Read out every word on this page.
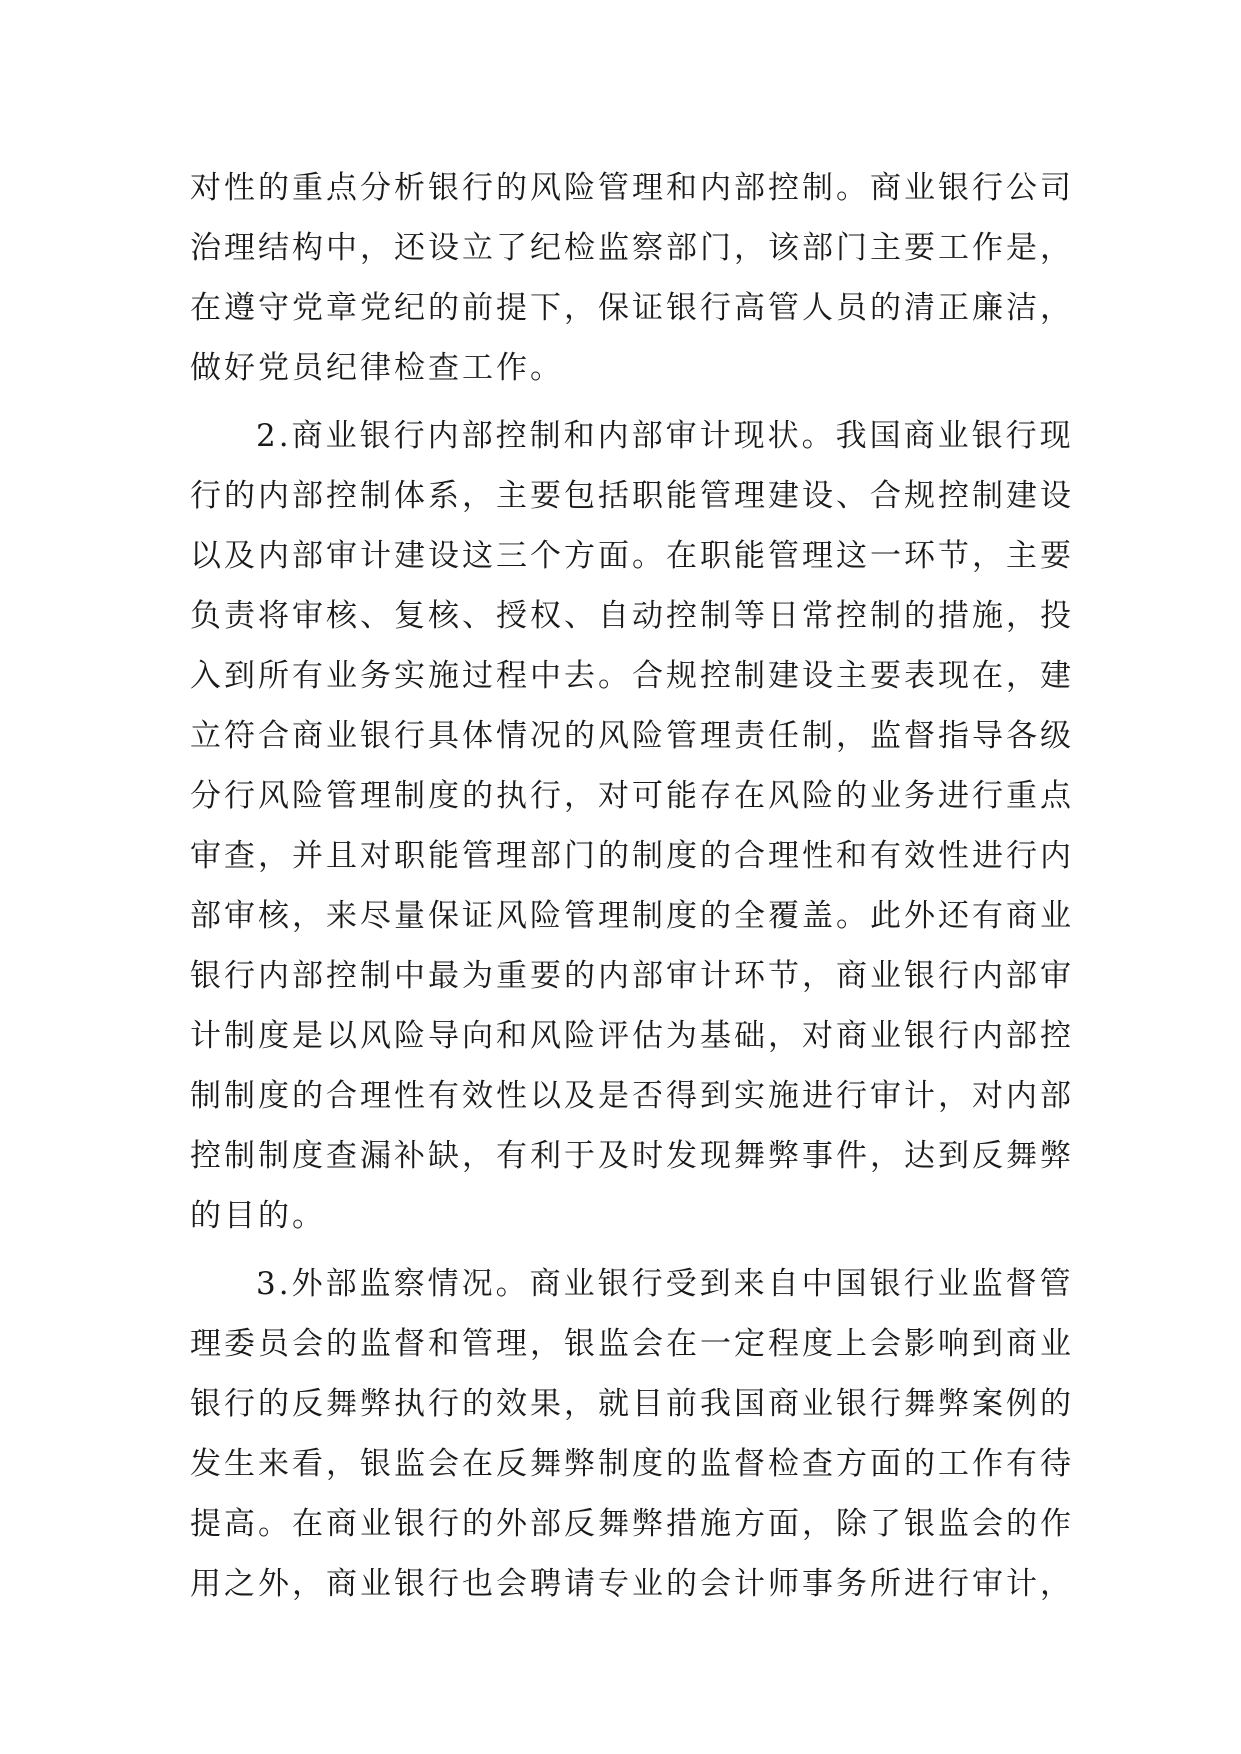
对性的重点分析银行的风险管理和内部控制。商业银行公司
治理结构中，还设立了纪检监察部门，该部门主要工作是，
在遵守党章党纪的前提下，保证银行高管人员的清正廉洁，
做好党员纪律检查工作。
2.商业银行内部控制和内部审计现状。我国商业银行现
行的内部控制体系，主要包括职能管理建设、合规控制建设
以及内部审计建设这三个方面。在职能管理这一环节，主要
负责将审核、复核、授权、自动控制等日常控制的措施，投
入到所有业务实施过程中去。合规控制建设主要表现在，建
立符合商业银行具体情况的风险管理责任制，监督指导各级
分行风险管理制度的执行，对可能存在风险的业务进行重点
审查，并且对职能管理部门的制度的合理性和有效性进行内
部审核，来尽量保证风险管理制度的全覆盖。此外还有商业
银行内部控制中最为重要的内部审计环节，商业银行内部审
计制度是以风险导向和风险评估为基础，对商业银行内部控
制制度的合理性有效性以及是否得到实施进行审计，对内部
控制制度查漏补缺，有利于及时发现舞弊事件，达到反舞弊
的目的。
3.外部监察情况。商业银行受到来自中国银行业监督管
理委员会的监督和管理，银监会在一定程度上会影响到商业
银行的反舞弊执行的效果，就目前我国商业银行舞弊案例的
发生来看，银监会在反舞弊制度的监督检查方面的工作有待
提高。在商业银行的外部反舞弊措施方面，除了银监会的作
用之外，商业银行也会聘请专业的会计师事务所进行审计，
